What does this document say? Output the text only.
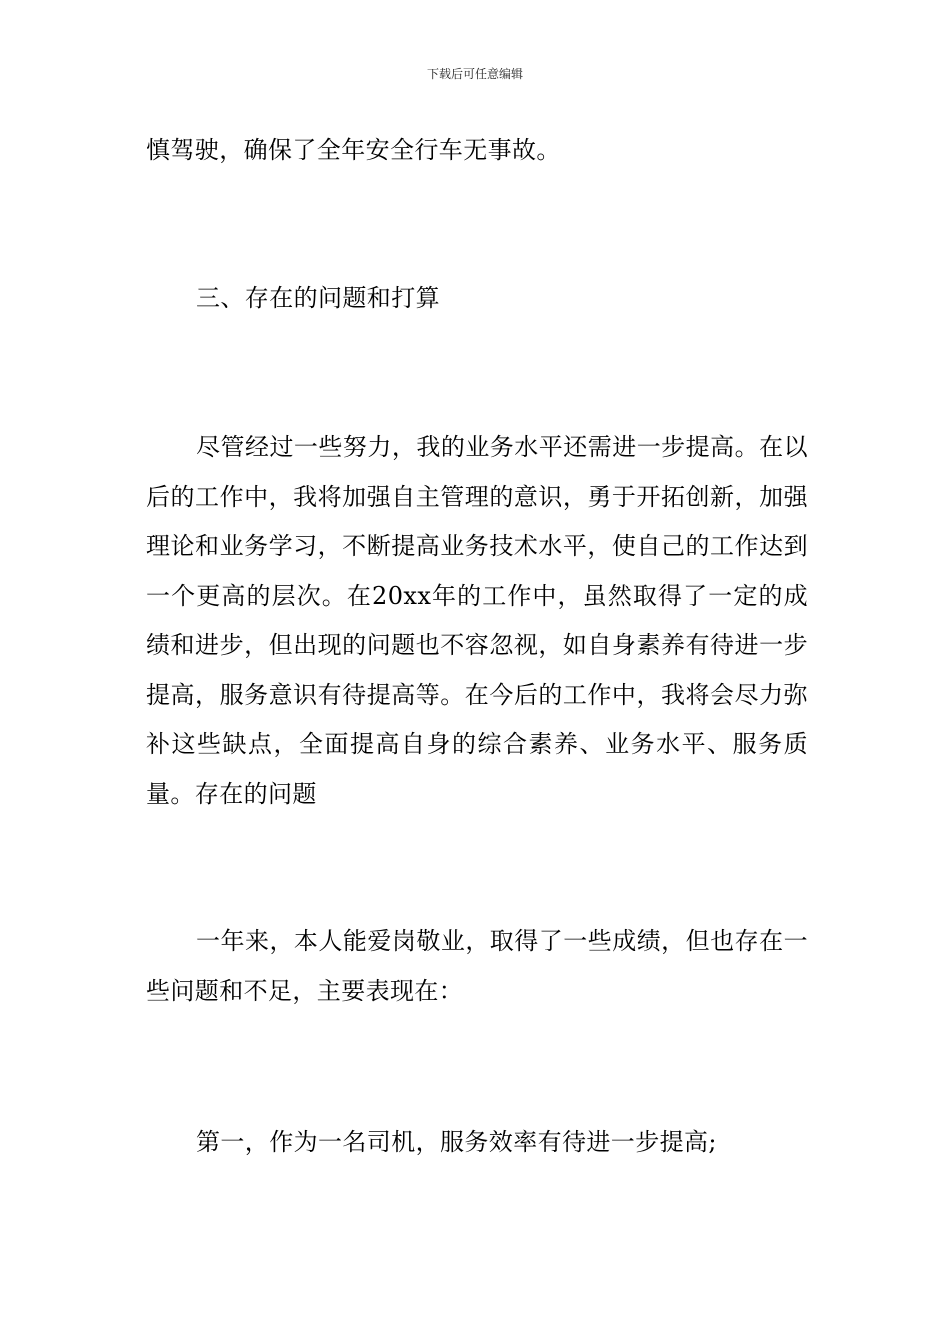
下载后可任意编辑

慎驾驶，确保了全年安全行车无事故。

三、存在的问题和打算

尽管经过一些努力，我的业务水平还需进一步提高。在以后的工作中，我将加强自主管理的意识，勇于开拓创新，加强理论和业务学习，不断提高业务技术水平，使自己的工作达到一个更高的层次。在20xx年的工作中，虽然取得了一定的成绩和进步，但出现的问题也不容忽视，如自身素养有待进一步提高，服务意识有待提高等。在今后的工作中，我将会尽力弥补这些缺点，全面提高自身的综合素养、业务水平、服务质量。存在的问题

一年来，本人能爱岗敬业，取得了一些成绩，但也存在一些问题和不足，主要表现在：

第一，作为一名司机，服务效率有待进一步提高;
